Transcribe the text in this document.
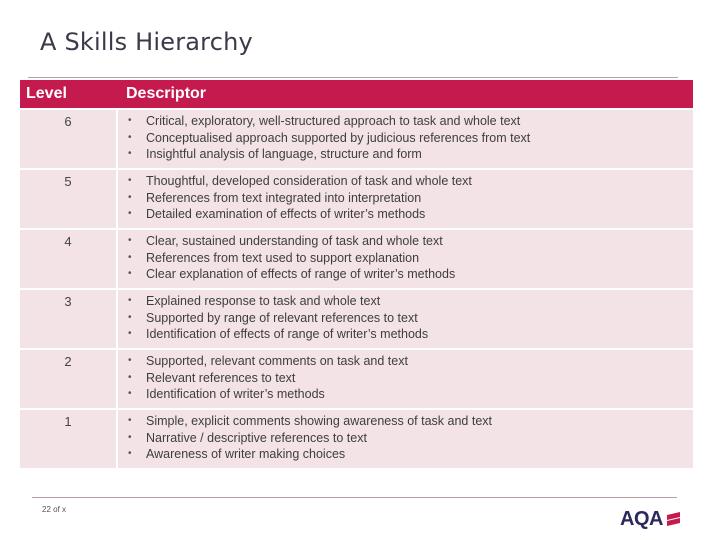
A Skills Hierarchy
Level	Descriptor
6	•	Critical, exploratory, well-structured approach to task and whole text
•	Conceptualised approach supported by judicious references from text
•	Insightful analysis of language, structure and form
5	•	Thoughtful, developed consideration of task and whole text
•	References from text integrated into interpretation
•	Detailed examination of effects of writer’s methods
4	•	Clear, sustained understanding of task and whole text
•	References from text used to support explanation
•	Clear explanation of effects of range of writer’s methods
3	•	Explained response to task and whole text
•	Supported by range of relevant references to text
•	Identification of effects of range of writer’s methods
2	•	Supported, relevant comments on task and text
•	Relevant references to text
•	Identification of writer’s methods
1	•	Simple, explicit comments showing awareness of task and text
•	Narrative / descriptive references to text
•	Awareness of writer making choices
22 of x	AQA
